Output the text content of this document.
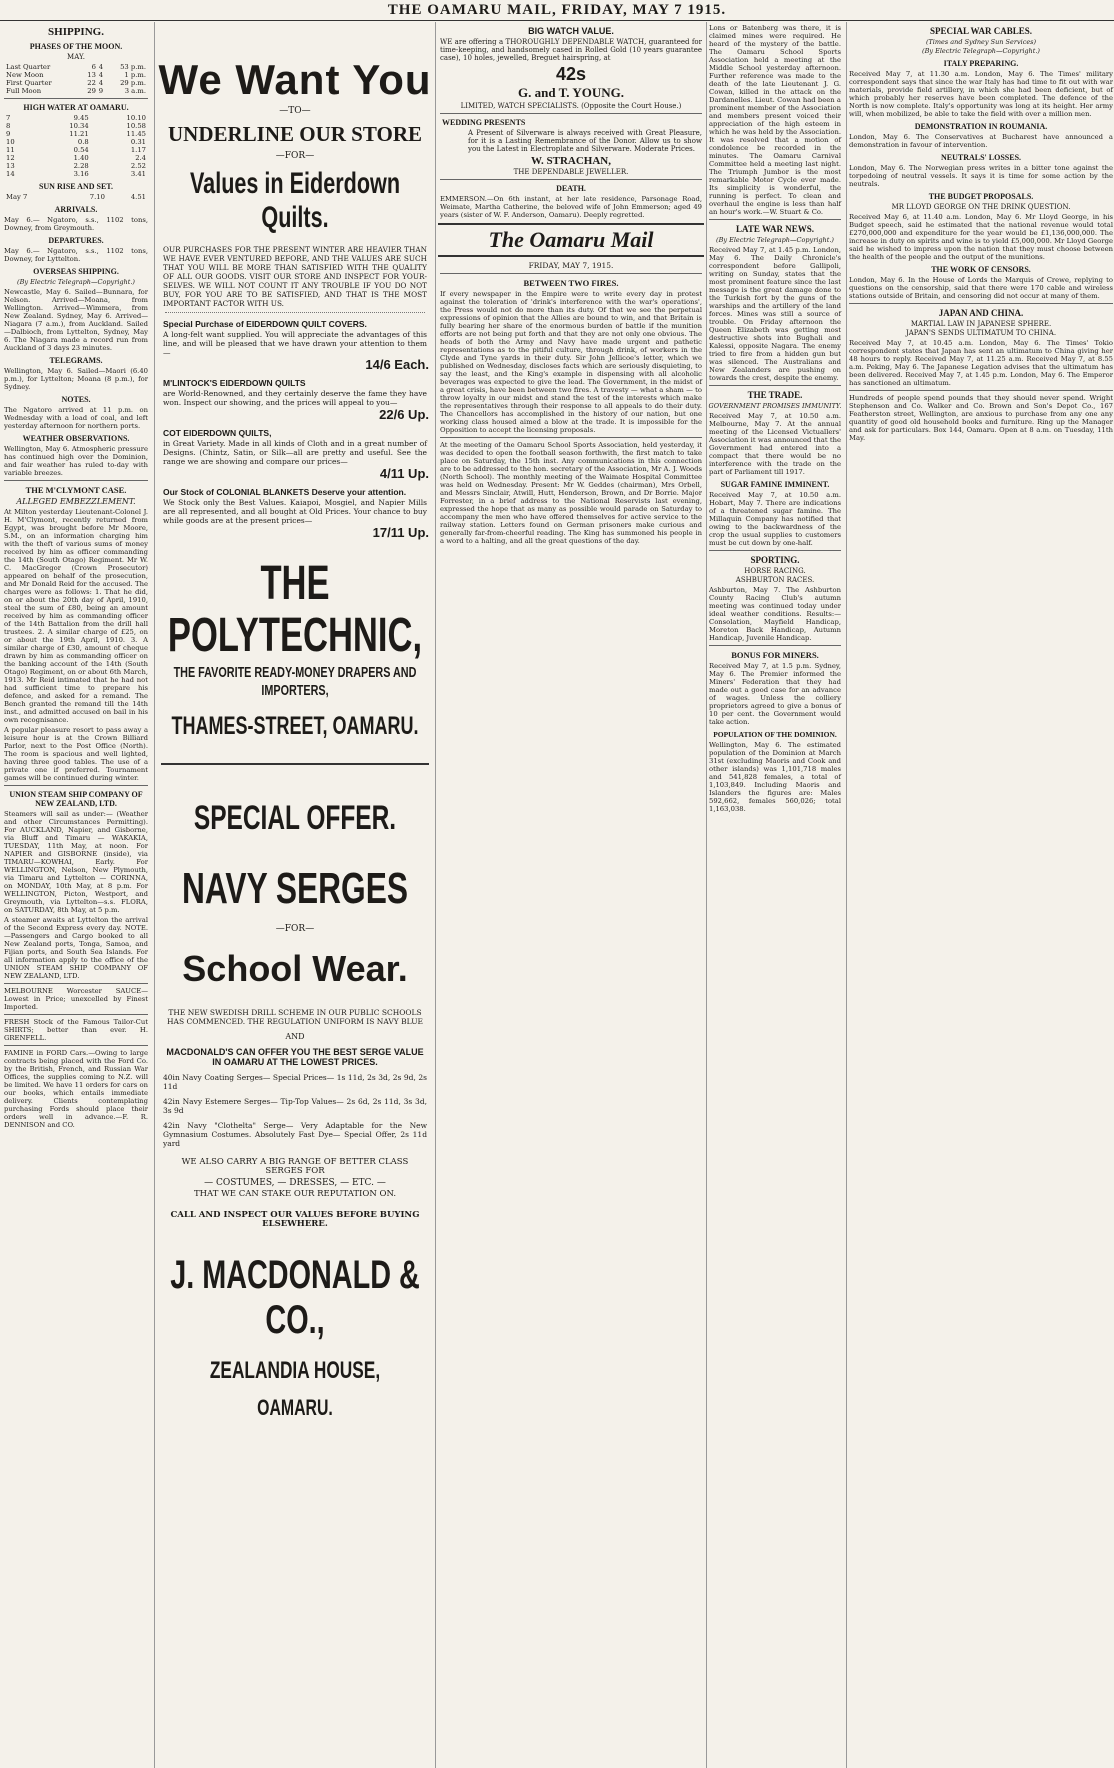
THE OAMARU MAIL, FRIDAY, MAY 7 1915.
SHIPPING.
PHASES OF THE MOON.
MAY.
Last Quarter	6	4	53 p.m.
New Moon	13	4	1 p.m.
First Quarter	22	4	29 p.m.
Full Moon	29	9	3 a.m.
HIGH WATER AT OAMARU.
7	9.45	10.10
8	10.34	10.58
9	11.21	11.45
10	0.8	0.31
11	0.54	1.17
12	1.40	2.4
13	2.28	2.52
14	3.16	3.41
SUN RISE AND SET.
May 7	7.10	4.51
ARRIVALS.
May 6.— Ngatoro, s.s., 1102 tons, Downey, from Greymouth.
DEPARTURES.
May 6.— Ngatoro, s.s., 1102 tons, Downey, for Lyttelton.
OVERSEAS SHIPPING.
(By Electric Telegraph—Copyright.)
Newcastle, May 6. Sailed—Bunnara, for Nelson. Arrived—Moana, from Wellington. Arrived—Wimmera, from New Zealand. Sydney, May 6. Arrived—Niagara (7 a.m.), from Auckland. Sailed—Dalbioch, from Lyttelton, Sydney, May 6. The Niagara made a record run from Auckland of 3 days 23 minutes.
TELEGRAMS.
Wellington, May 6. Sailed—Maori (6.40 p.m.), for Lyttelton; Moana (8 p.m.), for Sydney.
NOTES.
The Ngatoro arrived at 11 p.m. on Wednesday with a load of coal, and left yesterday afternoon for northern ports.
WEATHER OBSERVATIONS.
Wellington, May 6. Atmospheric pressure has continued high over the Dominion, and fair weather has ruled to-day with variable breezes.
THE M'CLYMONT CASE.
ALLEGED EMBEZZLEMENT.
At Milton yesterday Lieutenant-Colonel J. H. M'Clymont, recently returned from Egypt, was brought before Mr Moore, S.M., on an information charging him with the theft of various sums of money received by him as officer commanding the 14th (South Otago) Regiment. Mr W. C. MacGregor (Crown Prosecutor) appeared on behalf of the prosecution, and Mr Donald Reid for the accused. The charges were as follows: 1. That he did, on or about the 20th day of April, 1910, steal the sum of £80, being an amount received by him as commanding officer of the 14th Battalion from the drill hall trustees. 2. A similar charge of £25, on or about the 19th April, 1910. 3. A similar charge of £30, amount of cheque drawn by him as commanding officer on the banking account of the 14th (South Otago) Regiment, on or about 6th March, 1913. Mr Reid intimated that he had not had sufficient time to prepare his defence, and asked for a remand. The Bench granted the remand till the 14th inst., and admitted accused on bail in his own recognisance.
A popular pleasure resort to pass away a leisure hour is at the Crown Billiard Parlor, next to the Post Office (North). The room is spacious and well lighted, having three good tables. The use of a private one if preferred. Tournament games will be continued during winter.
UNION STEAM SHIP COMPANY OF NEW ZEALAND, LTD.
Steamers will sail as under:— (Weather and other Circumstances Permitting). For AUCKLAND, Napier, and Gisborne, via Bluff and Timaru — WAKAKIA, TUESDAY, 11th May, at noon. For NAPIER and GISBORNE (inside), via TIMARU—KOWHAI, Early. For WELLINGTON, Nelson, New Plymouth, via Timaru and Lyttelton — CORINNA, on MONDAY, 10th May, at 8 p.m. For WELLINGTON, Picton, Westport, and Greymouth, via Lyttelton—s.s. FLORA, on SATURDAY, 8th May, at 5 p.m.
A steamer awaits at Lyttelton the arrival of the Second Express every day. NOTE.—Passengers and Cargo booked to all New Zealand ports, Tonga, Samoa, and Fijian ports, and South Sea Islands. For all information apply to the office of the UNION STEAM SHIP COMPANY OF NEW ZEALAND, LTD.
MELBOURNE Worcester SAUCE— Lowest in Price; unexcelled by Finest Imported.
FRESH Stock of the Famous Tailor-Cut SHIRTS; better than ever. H. GRENFELL.
FAMINE in FORD Cars.—Owing to large contracts being placed with the Ford Co. by the British, French, and Russian War Offices, the supplies coming to N.Z. will be limited. We have 11 orders for cars on our books, which entails immediate delivery. Clients contemplating purchasing Fords should place their orders well in advance.—F. R. DENNISON and CO.
We Want You
—TO—
UNDERLINE OUR STORE
—FOR—
Values in Eiderdown Quilts.
OUR PURCHASES FOR THE PRESENT WINTER ARE HEAVIER THAN WE HAVE EVER VENTURED BEFORE, AND THE VALUES ARE SUCH THAT YOU WILL BE MORE THAN SATISFIED WITH THE QUALITY OF ALL OUR GOODS. VISIT OUR STORE AND INSPECT FOR YOUR-SELVES. WE WILL NOT COUNT IT ANY TROUBLE IF YOU DO NOT BUY, FOR YOU ARE TO BE SATISFIED, AND THAT IS THE MOST IMPORTANT FACTOR WITH US.
Special Purchase of EIDERDOWN QUILT COVERS.
A long-felt want supplied. You will appreciate the advantages of this line, and will be pleased that we have drawn your attention to them—
14/6 Each.
M'LINTOCK'S EIDERDOWN QUILTS
are World-Renowned, and they certainly deserve the fame they have won. Inspect our showing, and the prices will appeal to you—
22/6 Up.
COT EIDERDOWN QUILTS,
in Great Variety. Made in all kinds of Cloth and in a great number of Designs. (Chintz, Satin, or Silk—all are pretty and useful. See the range we are showing and compare our prices—
4/11 Up.
Our Stock of COLONIAL BLANKETS Deserve your attention.
We Stock only the Best Values. Kaiapoi, Mosgiel, and Napier Mills are all represented, and all bought at Old Prices. Your chance to buy while goods are at the present prices—
17/11 Up.
THE POLYTECHNIC,
THE FAVORITE READY-MONEY DRAPERS AND IMPORTERS,
THAMES-STREET, OAMARU.
SPECIAL OFFER.
NAVY SERGES
—FOR—
School Wear.
THE NEW SWEDISH DRILL SCHEME IN OUR PUBLIC SCHOOLS HAS COMMENCED. THE REGULATION UNIFORM IS NAVY BLUE
AND
MACDONALD'S CAN OFFER YOU THE BEST SERGE VALUE IN OAMARU AT THE LOWEST PRICES.
40in Navy Coating Serges— Special Prices— 1s 11d, 2s 3d, 2s 9d, 2s 11d
42in Navy Estemere Serges— Tip-Top Values— 2s 6d, 2s 11d, 3s 3d, 3s 9d
42in Navy "Clothelta" Serge— Very Adaptable for the New Gymnasium Costumes. Absolutely Fast Dye— Special Offer, 2s 11d yard
WE ALSO CARRY A BIG RANGE OF BETTER CLASS SERGES FOR
— COSTUMES, — DRESSES, — ETC. —
THAT WE CAN STAKE OUR REPUTATION ON.
CALL AND INSPECT OUR VALUES BEFORE BUYING ELSEWHERE.
J. MACDONALD & CO.,
ZEALANDIA HOUSE,
OAMARU.
BIG WATCH VALUE.
WE are offering a THOROUGHLY DEPENDABLE WATCH, guaranteed for time-keeping, and handsomely cased in Rolled Gold (10 years guarantee case), 10 holes, jewelled, Breguet hairspring, at
42s
G. and T. YOUNG.
LIMITED, WATCH SPECIALISTS. (Opposite the Court House.)
WEDDING PRESENTS
A Present of Silverware is always received with Great Pleasure, for it is a Lasting Remembrance of the Donor. Allow us to show you the Latest in Electroplate and Silverware. Moderate Prices.
W. STRACHAN,
THE DEPENDABLE JEWELLER.
DEATH.
EMMERSON.—On 6th instant, at her late residence, Parsonage Road, Weimate, Martha Catherine, the beloved wife of John Emmerson; aged 49 years (sister of W. F. Anderson, Oamaru). Deeply regretted.
The Oamaru Mail
FRIDAY, MAY 7, 1915.
BETWEEN TWO FIRES.
If every newspaper in the Empire were to write every day in protest against the toleration of 'drink's interference with the war's operations', the Press would not do more than its duty. Of that we see the perpetual expressions of opinion that the Allies are bound to win, and that Britain is fully bearing her share of the enormous burden of battle if the munition efforts are not being put forth and that they are not only one obvious. The heads of both the Army and Navy have made urgent and pathetic representations as to the pitiful culture, through drink, of workers in the Clyde and Tyne yards in their duty. Sir John Jellicoe's letter, which we published on Wednesday, discloses facts which are seriously disquieting, to say the least, and the King's example in dispensing with all alcoholic beverages was expected to give the lead. The Government, in the midst of a great crisis, have been between two fires. A travesty — what a sham — to throw loyalty in our midst and stand the test of the interests which make the representatives through their response to all appeals to do their duty. The Chancellors has accomplished in the history of our nation, but one working class housed aimed a blow at the trade. It is impossible for the Opposition to accept the licensing proposals.
At the meeting of the Oamaru School Sports Association, held yesterday, it was decided to open the football season forthwith, the first match to take place on Saturday, the 15th inst. Any communications in this connection are to be addressed to the hon. secretary of the Association, Mr A. J. Woods (North School). The monthly meeting of the Waimate Hospital Committee was held on Wednesday. Present: Mr W. Geddes (chairman), Mrs Orbell, and Messrs Sinclair, Atwill, Hutt, Henderson, Brown, and Dr Borrie. Major Forrester, in a brief address to the National Reservists last evening, expressed the hope that as many as possible would parade on Saturday to accompany the men who have offered themselves for active service to the railway station. Letters found on German prisoners make curious and generally far-from-cheerful reading. The King has summoned his people in a word to a halting, and all the great questions of the day.
Lons or Batenberg was there, it is claimed mines were required. He heard of the mystery of the battle. The Oamaru School Sports Association held a meeting at the Middle School yesterday afternoon. Further reference was made to the death of the late Lieutenant J. G. Cowan, killed in the attack on the Dardanelles. Lieut. Cowan had been a prominent member of the Association and members present voiced their appreciation of the high esteem in which he was held by the Association. It was resolved that a motion of condolence be recorded in the minutes. The Oamaru Carnival Committee held a meeting last night. The Triumph Jumbor is the most remarkable Motor Cycle ever made. Its simplicity is wonderful, the running is perfect. To clean and overhaul the engine is less than half an hour's work.—W. Stuart & Co.
LATE WAR NEWS.
(By Electric Telegraph—Copyright.)
Received May 7, at 1.45 p.m. London, May 6. The Daily Chronicle's correspondent before Gallipoli, writing on Sunday, states that the most prominent feature since the last message is the great damage done to the Turkish fort by the guns of the warships and the artillery of the land forces. Mines was still a source of trouble. On Friday afternoon the Queen Elizabeth was getting most destructive shots into Bughali and Kalessi, opposite Nagara. The enemy tried to fire from a hidden gun but was silenced. The Australians and New Zealanders are pushing on towards the crest, despite the enemy.
THE TRADE.
GOVERNMENT PROMISES IMMUNITY.
Received May 7, at 10.50 a.m. Melbourne, May 7. At the annual meeting of the Licensed Victuallers' Association it was announced that the Government had entered into a compact that there would be no interference with the trade on the part of Parliament till 1917.
SUGAR FAMINE IMMINENT.
Received May 7, at 10.50 a.m. Hobart, May 7. There are indications of a threatened sugar famine. The Millaquin Company has notified that owing to the backwardness of the crop the usual supplies to customers must be cut down by one-half.
SPORTING.
HORSE RACING.
ASHBURTON RACES.
Ashburton, May 7. The Ashburton County Racing Club's autumn meeting was continued today under ideal weather conditions. Results:— Consolation, Mayfield Handicap, Moreton Back Handicap, Autumn Handicap, Juvenile Handicap.
BONUS FOR MINERS.
Received May 7, at 1.5 p.m. Sydney, May 6. The Premier informed the Miners' Federation that they had made out a good case for an advance of wages. Unless the colliery proprietors agreed to give a bonus of 10 per cent. the Government would take action.
POPULATION OF THE DOMINION.
Wellington, May 6. The estimated population of the Dominion at March 31st (excluding Maoris and Cook and other islands) was 1,101,718 males and 541,828 females, a total of 1,103,849. Including Maoris and Islanders the figures are: Males 592,662, females 560,026; total 1,163,038.
SPECIAL WAR CABLES.
(Times and Sydney Sun Services)
(By Electric Telegraph—Copyright.)
ITALY PREPARING.
Received May 7, at 11.30 a.m. London, May 6. The Times' military correspondent says that since the war Italy has had time to fit out with war materials, provide field artillery, in which she had been deficient, but of which probably her reserves have been completed. The defence of the North is now complete. Italy's opportunity was long at its height. Her army will, when mobilized, be able to take the field with over a million men.
DEMONSTRATION IN ROUMANIA.
London, May 6. The Conservatives at Bucharest have announced a demonstration in favour of intervention.
NEUTRALS' LOSSES.
London, May 6. The Norwegian press writes in a bitter tone against the torpedoing of neutral vessels. It says it is time for some action by the neutrals.
THE BUDGET PROPOSALS.
MR LLOYD GEORGE ON THE DRINK QUESTION.
Received May 6, at 11.40 a.m. London, May 6. Mr Lloyd George, in his Budget speech, said he estimated that the national revenue would total £270,000,000 and expenditure for the year would be £1,136,000,000. The increase in duty on spirits and wine is to yield £5,000,000. Mr Lloyd George said he wished to impress upon the nation that they must choose between the health of the people and the output of the munitions.
THE WORK OF CENSORS.
London, May 6. In the House of Lords the Marquis of Crewe, replying to questions on the censorship, said that there were 170 cable and wireless stations outside of Britain, and censoring did not occur at many of them.
JAPAN AND CHINA.
MARTIAL LAW IN JAPANESE SPHERE.
JAPAN'S SENDS ULTIMATUM TO CHINA.
Received May 7, at 10.45 a.m. London, May 6. The Times' Tokio correspondent states that Japan has sent an ultimatum to China giving her 48 hours to reply. Received May 7, at 11.25 a.m. Received May 7, at 8.55 a.m. Peking, May 6. The Japanese Legation advises that the ultimatum has been delivered. Received May 7, at 1.45 p.m. London, May 6. The Emperor has sanctioned an ultimatum.
Hundreds of people spend pounds that they should never spend. Wright Stephenson and Co. Walker and Co. Brown and Son's Depot Co., 167 Featherston street, Wellington, are anxious to purchase from any one any quantity of good old household books and furniture. Ring up the Manager and ask for particulars. Box 144, Oamaru. Open at 8 a.m. on Tuesday, 11th May.
